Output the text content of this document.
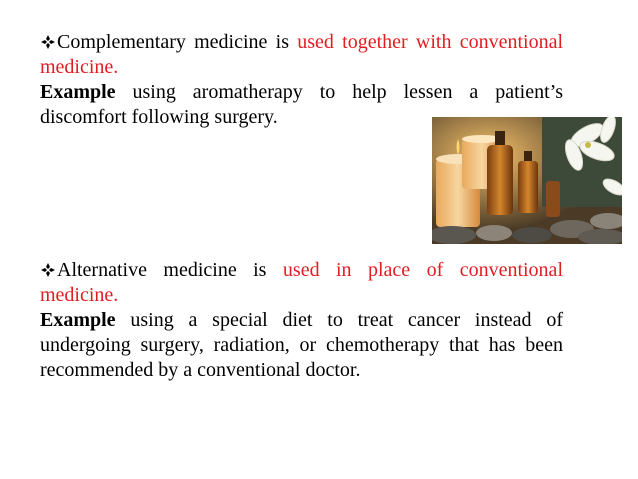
Complementary medicine is used together with conventional medicine.
Example using aromatherapy to help lessen a patient’s discomfort following surgery.
Alternative medicine is used in place of conventional medicine.
Example using a special diet to treat cancer instead of undergoing surgery, radiation, or chemotherapy that has been recommended by a conventional doctor.
